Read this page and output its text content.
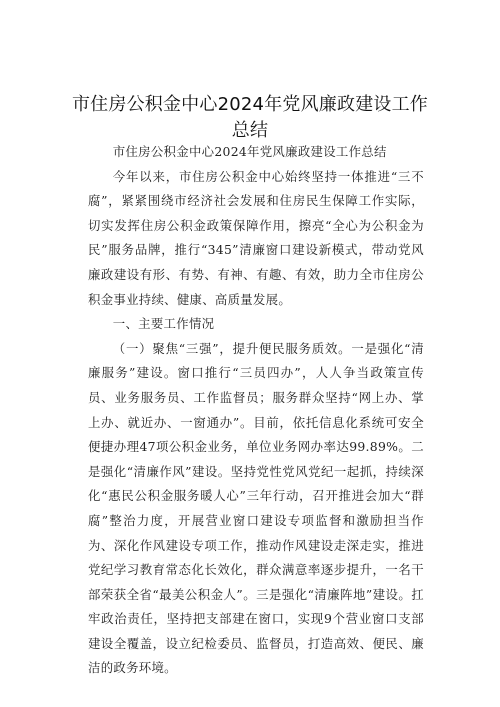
市住房公积金中心2024年党风廉政建设工作总结

市住房公积金中心2024年党风廉政建设工作总结

今年以来，市住房公积金中心始终坚持一体推进“三不腐”，紧紧围绕市经济社会发展和住房民生保障工作实际，切实发挥住房公积金政策保障作用，擦亮“全心为公积金为民”服务品牌，推行“345”清廉窗口建设新模式，带动党风廉政建设有形、有势、有神、有趣、有效，助力全市住房公积金事业持续、健康、高质量发展。

一、主要工作情况

（一）聚焦“三强”，提升便民服务质效。一是强化“清廉服务”建设。窗口推行“三员四办”，人人争当政策宣传员、业务服务员、工作监督员；服务群众坚持“网上办、掌上办、就近办、一窗通办”。目前，依托信息化系统可安全便捷办理47项公积金业务，单位业务网办率达99.89%。二是强化“清廉作风”建设。坚持党性党风党纪一起抓，持续深化“惠民公积金服务暖人心”三年行动，召开推进会加大“群腐”整治力度，开展营业窗口建设专项监督和激励担当作为、深化作风建设专项工作，推动作风建设走深走实，推进党纪学习教育常态化长效化，群众满意率逐步提升，一名干部荣获全省“最美公积金人”。三是强化“清廉阵地”建设。扛牢政治责任，坚持把支部建在窗口，实现9个营业窗口支部建设全覆盖，设立纪检委员、监督员，打造高效、便民、廉洁的政务环境。
